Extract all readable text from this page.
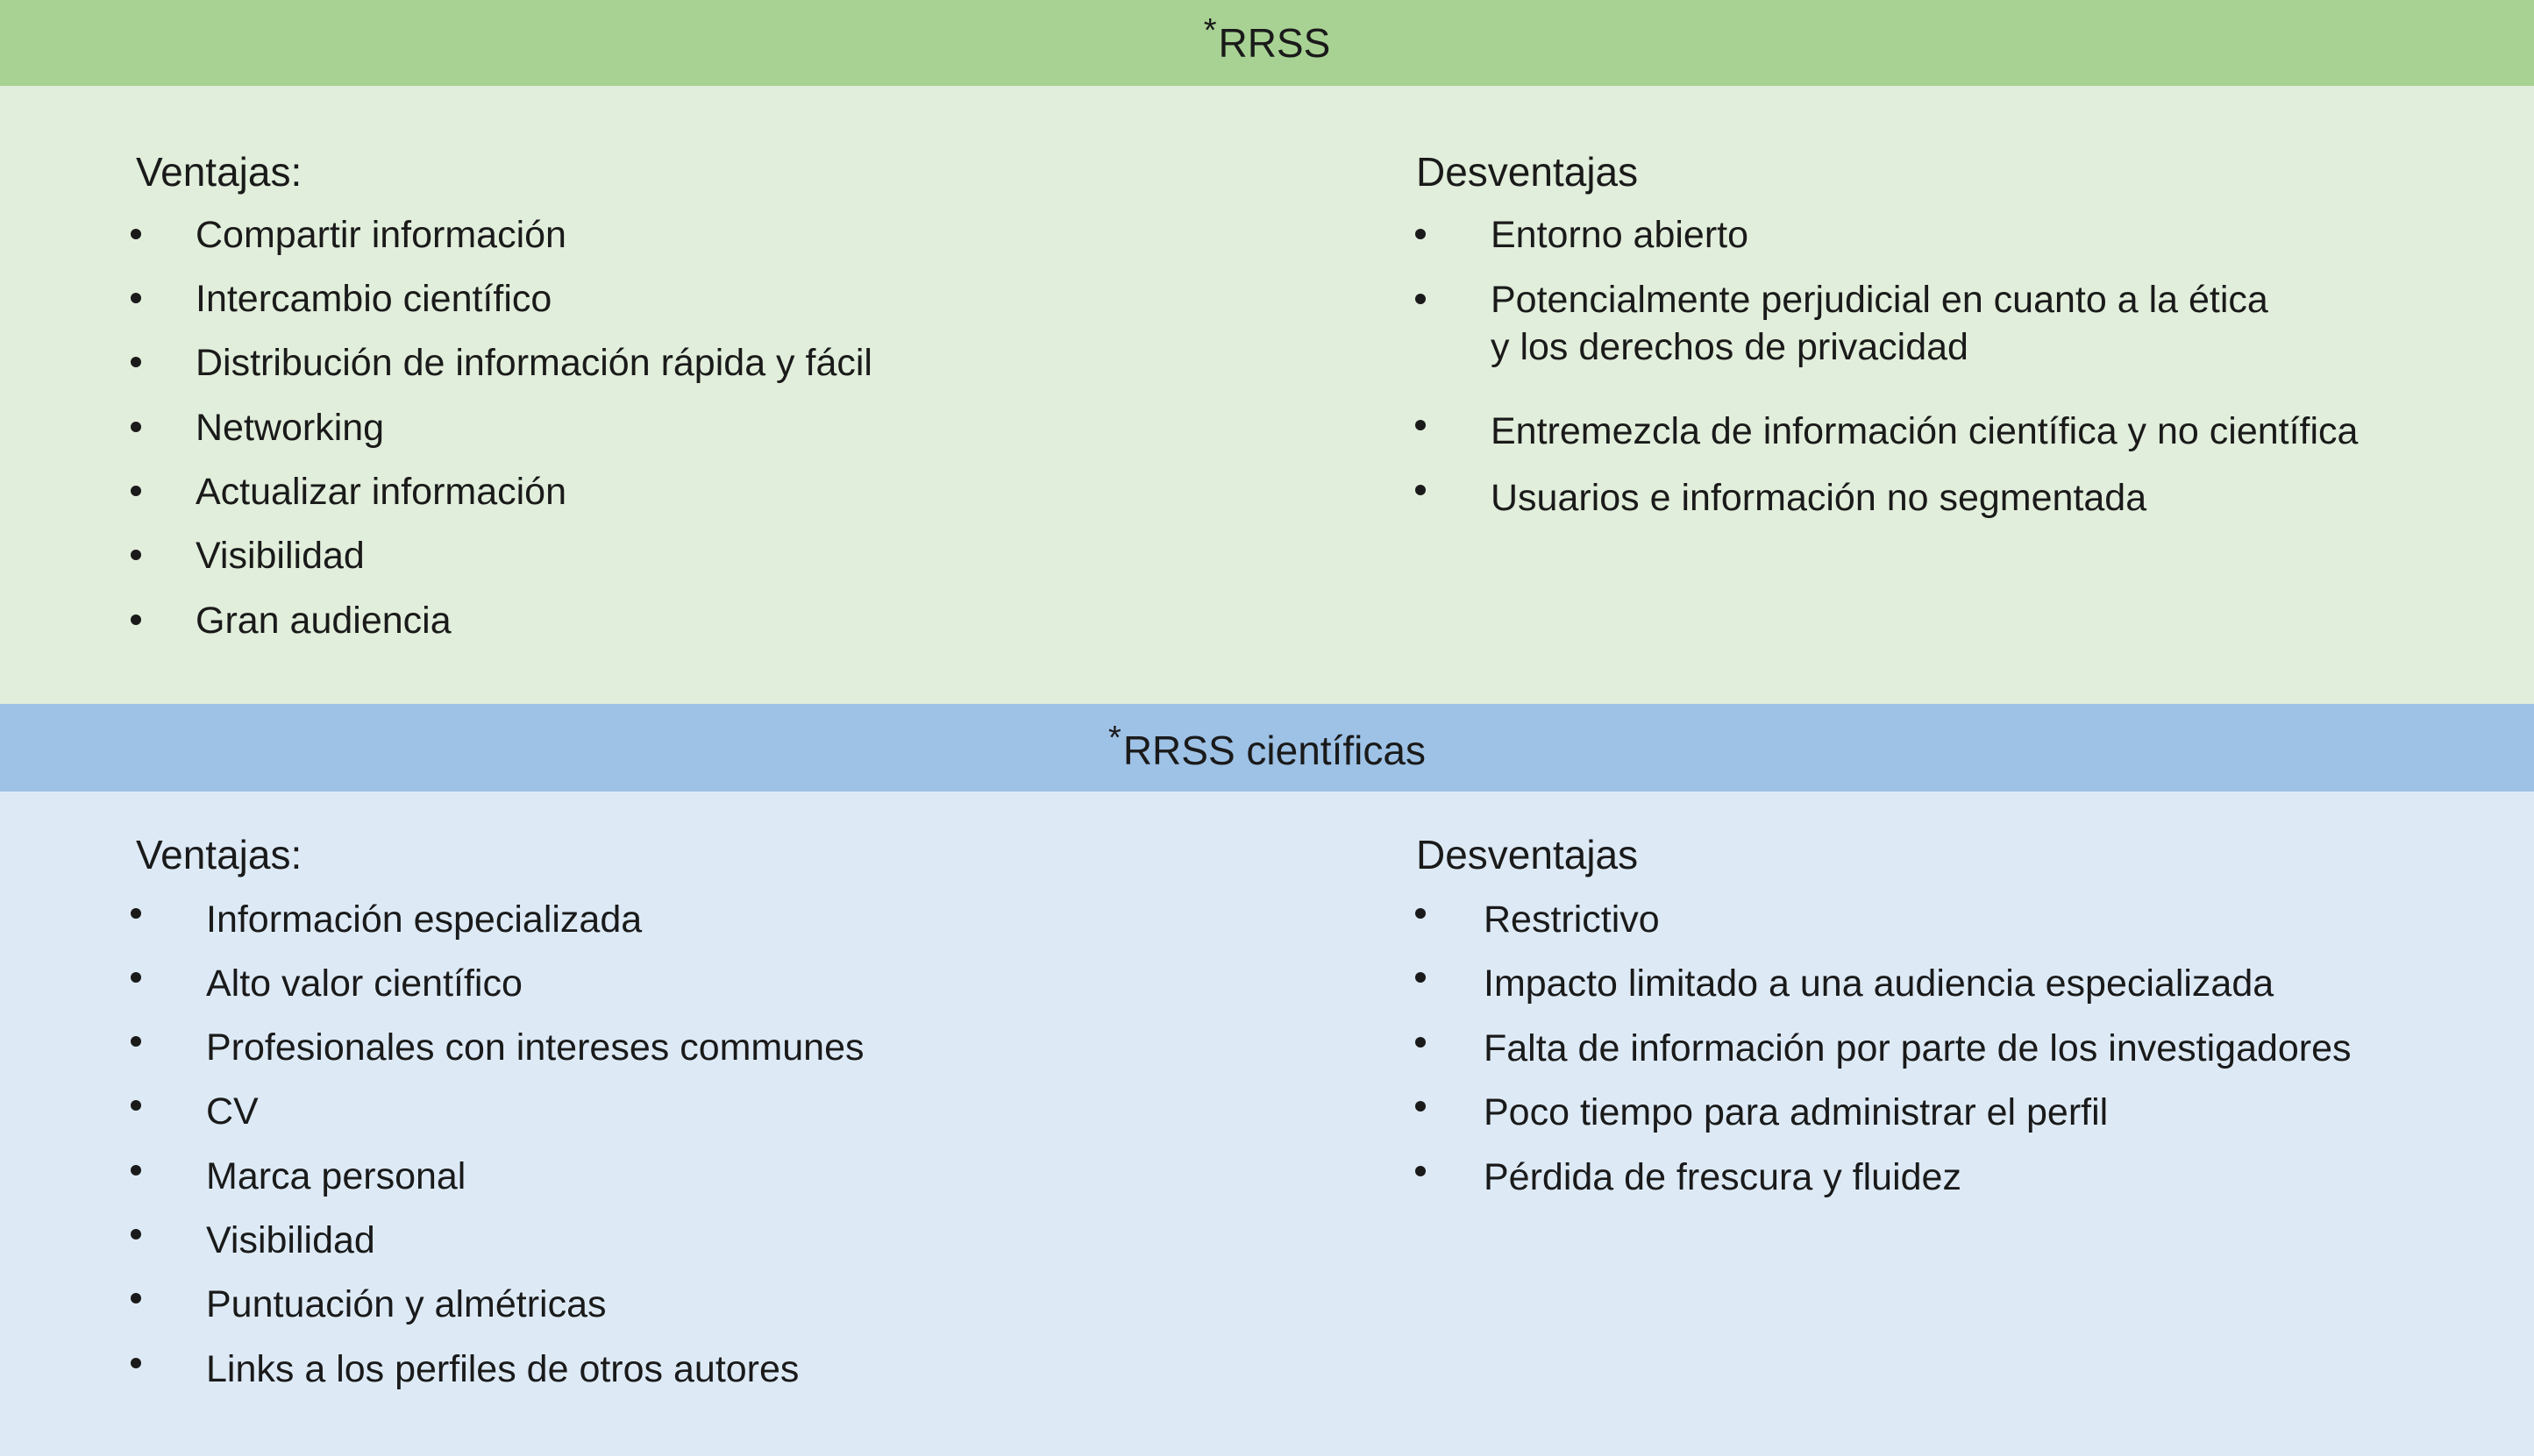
*RRSS
Ventajas:
Compartir información
Intercambio científico
Distribución de información rápida y fácil
Networking
Actualizar información
Visibilidad
Gran audiencia
Desventajas
Entorno abierto
Potencialmente perjudicial en cuanto a la ética
y los derechos de privacidad
Entremezcla de información científica y no científica
Usuarios e información no segmentada
*RRSS científicas
Ventajas:
Información especializada
Alto valor científico
Profesionales con intereses communes
CV
Marca personal
Visibilidad
Puntuación y almétricas
Links a los perfiles de otros autores
Desventajas
Restrictivo
Impacto limitado a una audiencia especializada
Falta de información por parte de los investigadores
Poco tiempo para administrar el perfil
Pérdida de frescura y fluidez
